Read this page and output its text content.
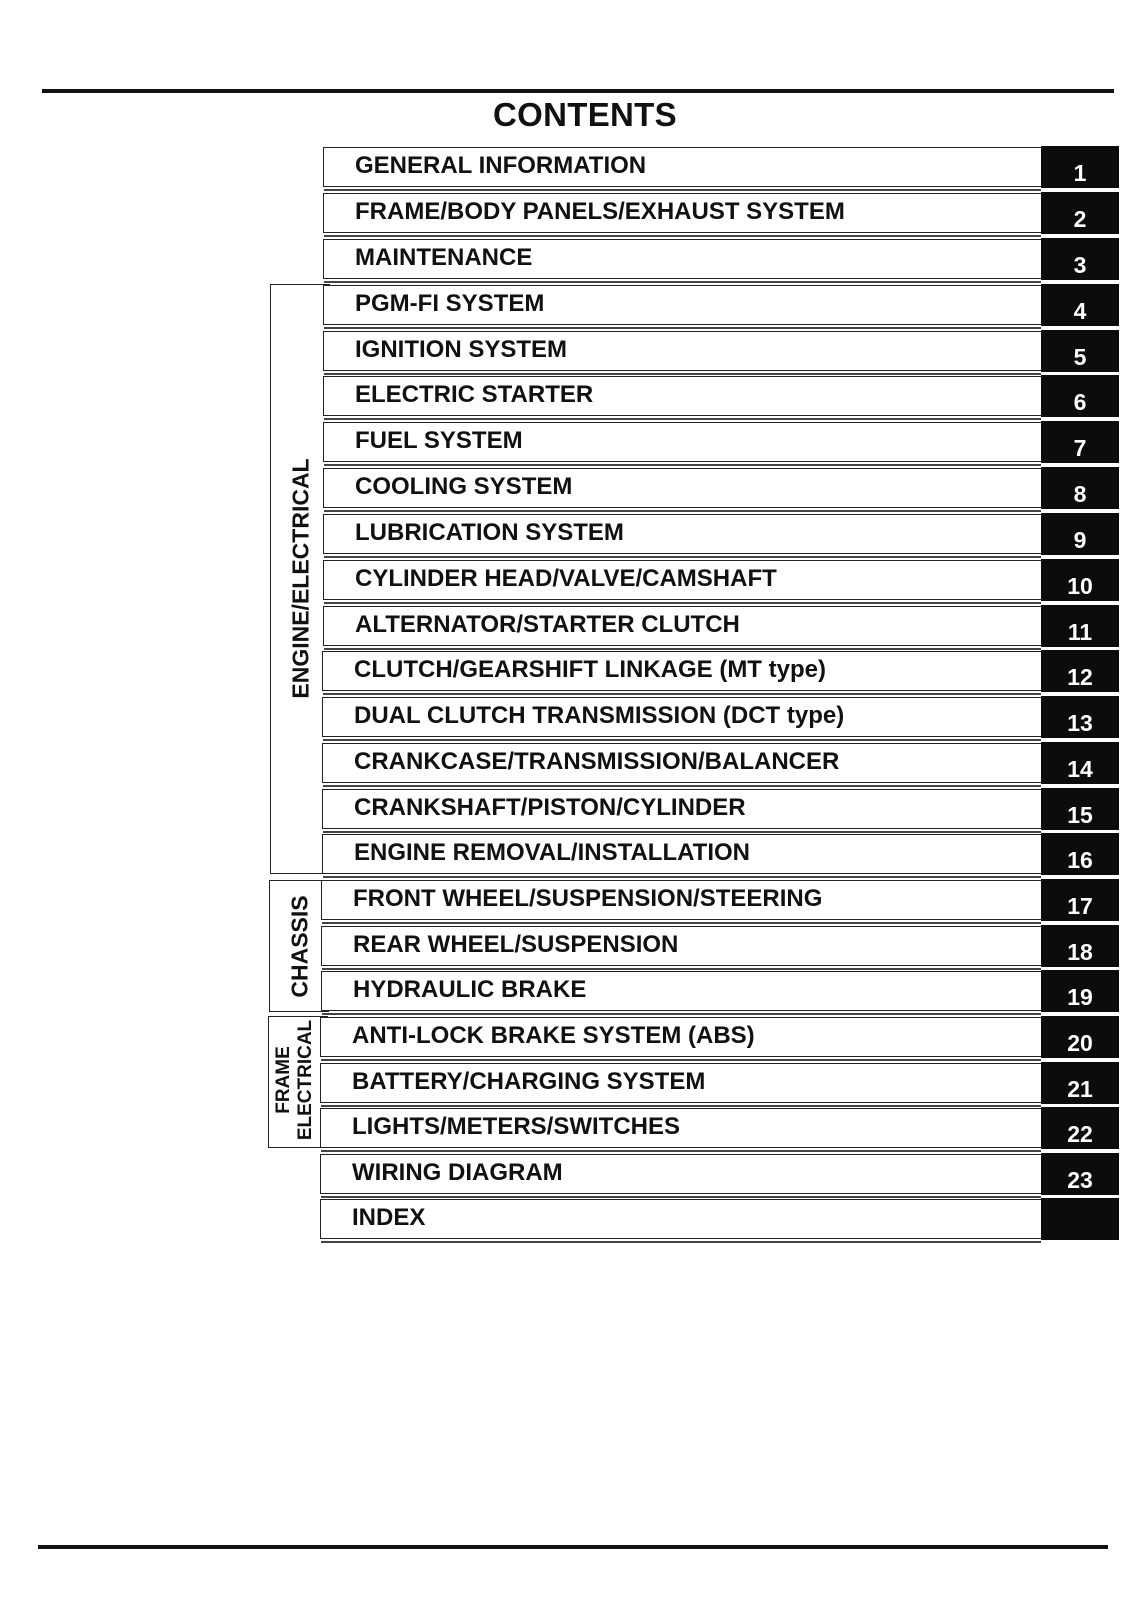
CONTENTS
ENGINE/ELECTRICAL
CHASSIS
FRAME ELECTRICAL
GENERAL INFORMATION	1
FRAME/BODY PANELS/EXHAUST SYSTEM	2
MAINTENANCE	3
PGM-FI SYSTEM	4
IGNITION SYSTEM	5
ELECTRIC STARTER	6
FUEL SYSTEM	7
COOLING SYSTEM	8
LUBRICATION SYSTEM	9
CYLINDER HEAD/VALVE/CAMSHAFT	10
ALTERNATOR/STARTER CLUTCH	11
CLUTCH/GEARSHIFT LINKAGE (MT type)	12
DUAL CLUTCH TRANSMISSION (DCT type)	13
CRANKCASE/TRANSMISSION/BALANCER	14
CRANKSHAFT/PISTON/CYLINDER	15
ENGINE REMOVAL/INSTALLATION	16
FRONT WHEEL/SUSPENSION/STEERING	17
REAR WHEEL/SUSPENSION	18
HYDRAULIC BRAKE	19
ANTI-LOCK BRAKE SYSTEM (ABS)	20
BATTERY/CHARGING SYSTEM	21
LIGHTS/METERS/SWITCHES	22
WIRING DIAGRAM	23
INDEX
